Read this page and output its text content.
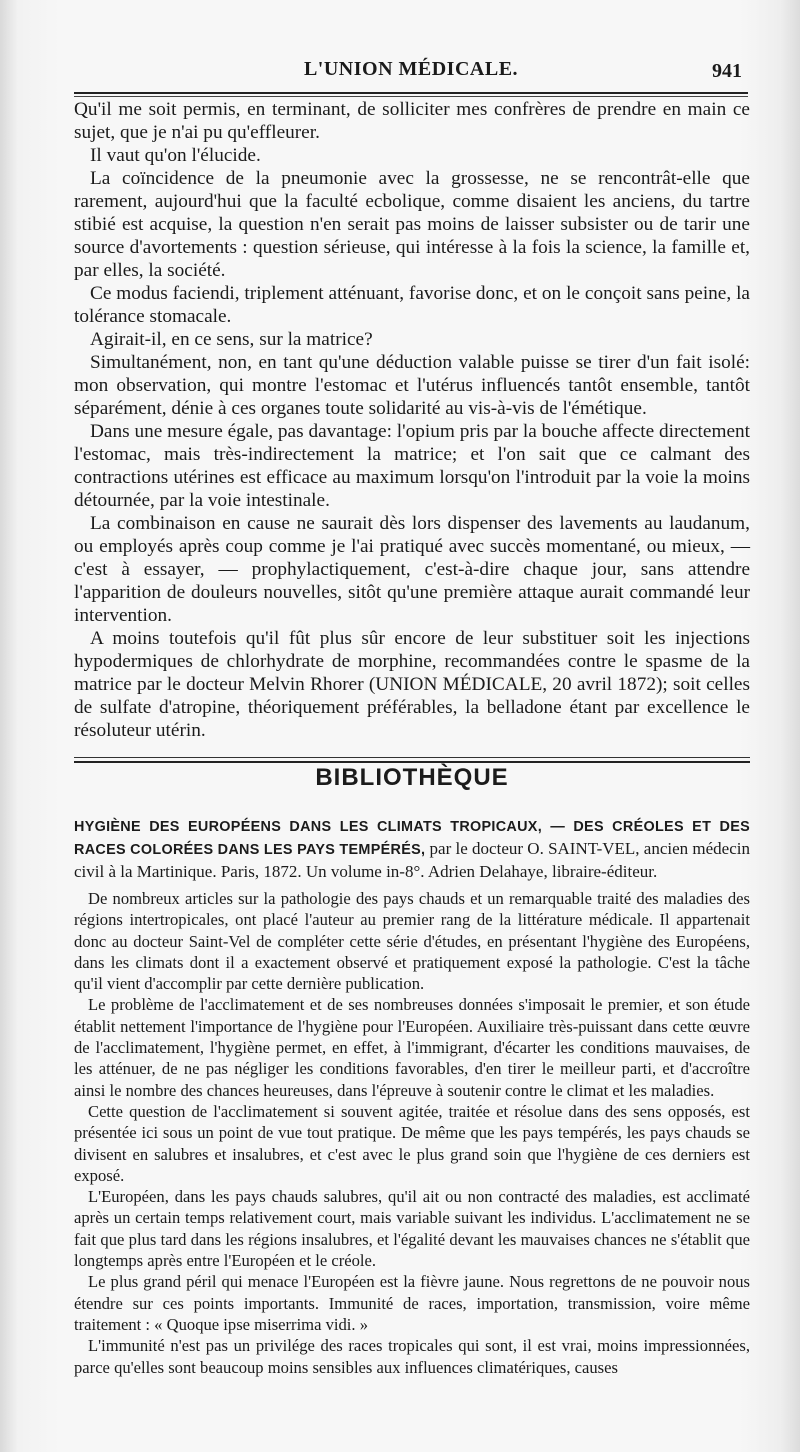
L'UNION MÉDICALE.	941

Qu'il me soit permis, en terminant, de solliciter mes confrères de prendre en main ce sujet, que je n'ai pu qu'effleurer.

Il vaut qu'on l'élucide.

La coïncidence de la pneumonie avec la grossesse, ne se rencontrât-elle que rarement, aujourd'hui que la faculté ecbolique, comme disaient les anciens, du tartre stibié est acquise, la question n'en serait pas moins de laisser subsister ou de tarir une source d'avortements : question sérieuse, qui intéresse à la fois la science, la famille et, par elles, la société.

Ce modus faciendi, triplement atténuant, favorise donc, et on le conçoit sans peine, la tolérance stomacale.

Agirait-il, en ce sens, sur la matrice?

Simultanément, non, en tant qu'une déduction valable puisse se tirer d'un fait isolé: mon observation, qui montre l'estomac et l'utérus influencés tantôt ensemble, tantôt séparément, dénie à ces organes toute solidarité au vis-à-vis de l'émétique.

Dans une mesure égale, pas davantage: l'opium pris par la bouche affecte directement l'estomac, mais très-indirectement la matrice; et l'on sait que ce calmant des contractions utérines est efficace au maximum lorsqu'on l'introduit par la voie la moins détournée, par la voie intestinale.

La combinaison en cause ne saurait dès lors dispenser des lavements au laudanum, ou employés après coup comme je l'ai pratiqué avec succès momentané, ou mieux, — c'est à essayer, — prophylactiquement, c'est-à-dire chaque jour, sans attendre l'apparition de douleurs nouvelles, sitôt qu'une première attaque aurait commandé leur intervention.

A moins toutefois qu'il fût plus sûr encore de leur substituer soit les injections hypodermiques de chlorhydrate de morphine, recommandées contre le spasme de la matrice par le docteur Melvin Rhorer (UNION MÉDICALE, 20 avril 1872); soit celles de sulfate d'atropine, théoriquement préférables, la belladone étant par excellence le résoluteur utérin.

BIBLIOTHÈQUE
HYGIÈNE DES EUROPÉENS DANS LES CLIMATS TROPICAUX, — DES CRÉOLES ET DES RACES COLORÉES DANS LES PAYS TEMPÉRÉS, par le docteur O. SAINT-VEL, ancien médecin civil à la Martinique. Paris, 1872. Un volume in-8°. Adrien Delahaye, libraire-éditeur.

De nombreux articles sur la pathologie des pays chauds et un remarquable traité des maladies des régions intertropicales, ont placé l'auteur au premier rang de la littérature médicale. Il appartenait donc au docteur Saint-Vel de compléter cette série d'études, en présentant l'hygiène des Européens, dans les climats dont il a exactement observé et pratiquement exposé la pathologie. C'est la tâche qu'il vient d'accomplir par cette dernière publication.

Le problème de l'acclimatement et de ses nombreuses données s'imposait le premier, et son étude établit nettement l'importance de l'hygiène pour l'Européen. Auxiliaire très-puissant dans cette œuvre de l'acclimatement, l'hygiène permet, en effet, à l'immigrant, d'écarter les conditions mauvaises, de les atténuer, de ne pas négliger les conditions favorables, d'en tirer le meilleur parti, et d'accroître ainsi le nombre des chances heureuses, dans l'épreuve à soutenir contre le climat et les maladies.

Cette question de l'acclimatement si souvent agitée, traitée et résolue dans des sens opposés, est présentée ici sous un point de vue tout pratique. De même que les pays tempérés, les pays chauds se divisent en salubres et insalubres, et c'est avec le plus grand soin que l'hygiène de ces derniers est exposé.

L'Européen, dans les pays chauds salubres, qu'il ait ou non contracté des maladies, est acclimaté après un certain temps relativement court, mais variable suivant les individus. L'acclimatement ne se fait que plus tard dans les régions insalubres, et l'égalité devant les mauvaises chances ne s'établit que longtemps après entre l'Européen et le créole.

Le plus grand péril qui menace l'Européen est la fièvre jaune. Nous regrettons de ne pouvoir nous étendre sur ces points importants. Immunité de races, importation, transmission, voire même traitement : « Quoque ipse miserrima vidi. »

L'immunité n'est pas un privilége des races tropicales qui sont, il est vrai, moins impressionnées, parce qu'elles sont beaucoup moins sensibles aux influences climatériques, causes
